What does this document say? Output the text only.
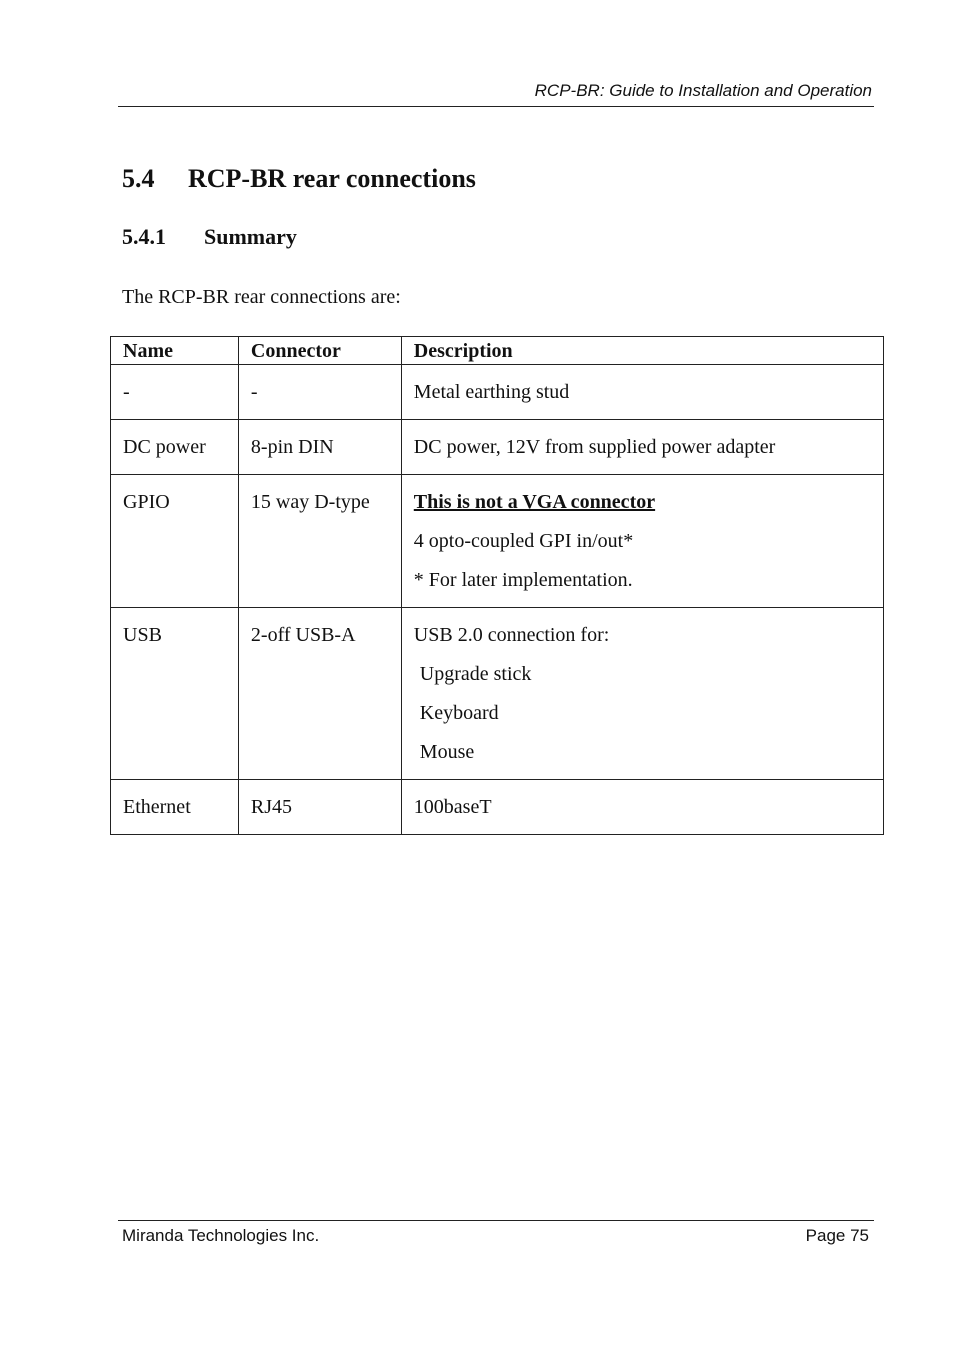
RCP-BR: Guide to Installation and Operation
5.4 RCP-BR rear connections
5.4.1 Summary

The RCP-BR rear connections are:

Name	Connector	Description
-	-	Metal earthing stud

DC power	8-pin DIN	DC power, 12V from supplied power adapter

GPIO	15 way D-type	This is not a VGA connector
4 opto-coupled GPI in/out*
* For later implementation.

USB	2-off USB-A	USB 2.0 connection for:
Upgrade stick
Keyboard
Mouse

Ethernet	RJ45	100baseT
Miranda Technologies Inc.	Page 75
